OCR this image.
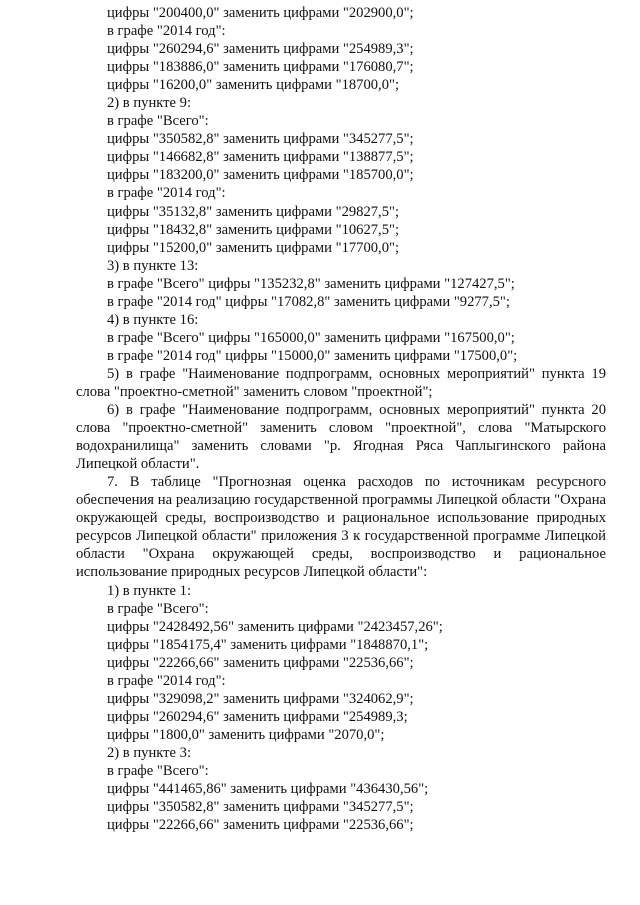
цифры "200400,0" заменить цифрами "202900,0";
в графе "2014 год":
цифры "260294,6" заменить цифрами "254989,3";
цифры "183886,0" заменить цифрами "176080,7";
цифры "16200,0" заменить цифрами "18700,0";
2) в пункте 9:
в графе "Всего":
цифры "350582,8" заменить цифрами "345277,5";
цифры "146682,8" заменить цифрами "138877,5";
цифры "183200,0" заменить цифрами "185700,0";
в графе "2014 год":
цифры "35132,8" заменить цифрами "29827,5";
цифры "18432,8" заменить цифрами "10627,5";
цифры "15200,0" заменить цифрами "17700,0";
3) в пункте 13:
в графе "Всего" цифры "135232,8" заменить цифрами "127427,5";
в графе "2014 год" цифры "17082,8" заменить цифрами "9277,5";
4) в пункте 16:
в графе "Всего" цифры "165000,0" заменить цифрами "167500,0";
в графе "2014 год" цифры "15000,0" заменить цифрами "17500,0";
5) в графе "Наименование подпрограмм, основных мероприятий" пункта 19 слова "проектно-сметной" заменить словом "проектной";
6) в графе "Наименование подпрограмм, основных мероприятий" пункта 20 слова "проектно-сметной" заменить словом "проектной", слова "Матырского водохранилища" заменить словами "р. Ягодная Ряса Чаплыгинского района Липецкой области".
7. В таблице "Прогнозная оценка расходов по источникам ресурсного обеспечения на реализацию государственной программы Липецкой области "Охрана окружающей среды, воспроизводство и рациональное использование природных ресурсов Липецкой области" приложения 3 к государственной программе Липецкой области "Охрана окружающей среды, воспроизводство и рациональное использование природных ресурсов Липецкой области":
1) в пункте 1:
в графе "Всего":
цифры "2428492,56" заменить цифрами "2423457,26";
цифры "1854175,4" заменить цифрами "1848870,1";
цифры "22266,66" заменить цифрами "22536,66";
в графе "2014 год":
цифры "329098,2" заменить цифрами "324062,9";
цифры "260294,6" заменить цифрами "254989,3;
цифры "1800,0" заменить цифрами "2070,0";
2) в пункте 3:
в графе "Всего":
цифры "441465,86" заменить цифрами "436430,56";
цифры "350582,8" заменить цифрами "345277,5";
цифры "22266,66" заменить цифрами "22536,66";
